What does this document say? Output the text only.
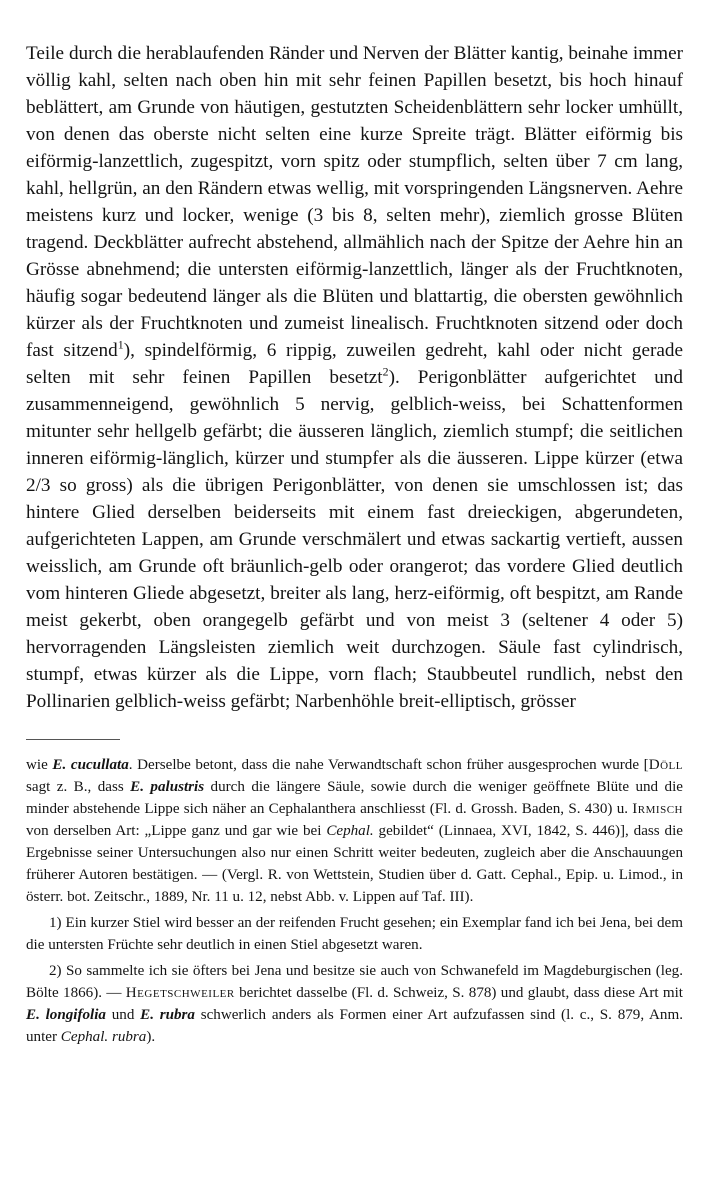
Teile durch die herablaufenden Ränder und Nerven der Blätter kantig, beinahe immer völlig kahl, selten nach oben hin mit sehr feinen Papillen besetzt, bis hoch hinauf beblättert, am Grunde von häutigen, gestutzten Scheidenblättern sehr locker umhüllt, von denen das oberste nicht selten eine kurze Spreite trägt. Blätter eiförmig bis eiförmig-lanzettlich, zugespitzt, vorn spitz oder stumpflich, selten über 7 cm lang, kahl, hellgrün, an den Rändern etwas wellig, mit vorspringenden Längsnerven. Aehre meistens kurz und locker, wenige (3 bis 8, selten mehr), ziemlich grosse Blüten tragend. Deckblätter aufrecht abstehend, allmählich nach der Spitze der Aehre hin an Grösse abnehmend; die untersten eiförmig-lanzettlich, länger als der Fruchtknoten, häufig sogar bedeutend länger als die Blüten und blattartig, die obersten gewöhnlich kürzer als der Fruchtknoten und zumeist linealisch. Fruchtknoten sitzend oder doch fast sitzend$^1$), spindelförmig, 6 rippig, zuweilen gedreht, kahl oder nicht gerade selten mit sehr feinen Papillen besetzt$^2$). Perigonblätter aufgerichtet und zusammenneigend, gewöhnlich 5 nervig, gelblich-weiss, bei Schattenformen mitunter sehr hellgelb gefärbt; die äusseren länglich, ziemlich stumpf; die seitlichen inneren eiförmig-länglich, kürzer und stumpfer als die äusseren. Lippe kürzer (etwa 2/3 so gross) als die übrigen Perigonblätter, von denen sie umschlossen ist; das hintere Glied derselben beiderseits mit einem fast dreieckigen, abgerundeten, aufgerichteten Lappen, am Grunde verschmälert und etwas sackartig vertieft, aussen weisslich, am Grunde oft bräunlich-gelb oder orangerot; das vordere Glied deutlich vom hinteren Gliede abgesetzt, breiter als lang, herz-eiförmig, oft bespitzt, am Rande meist gekerbt, oben orangegelb gefärbt und von meist 3 (seltener 4 oder 5) hervorragenden Längsleisten ziemlich weit durchzogen. Säule fast cylindrisch, stumpf, etwas kürzer als die Lippe, vorn flach; Staubbeutel rundlich, nebst den Pollinarien gelblich-weiss gefärbt; Narbenhöhle breit-elliptisch, grösser

wie E. cucullata. Derselbe betont, dass die nahe Verwandtschaft schon früher ausgesprochen wurde [Döll sagt z. B., dass E. palustris durch die längere Säule, sowie durch die weniger geöffnete Blüte und die minder abstehende Lippe sich näher an Cephalanthera anschliesst (Fl. d. Grossh. Baden, S. 430) u. Irmisch von derselben Art: „Lippe ganz und gar wie bei Cephal. gebildet“ (Linnaea, XVI, 1842, S. 446)], dass die Ergebnisse seiner Untersuchungen also nur einen Schritt weiter bedeuten, zugleich aber die Anschauungen früherer Autoren bestätigen. — (Vergl. R. von Wettstein, Studien über d. Gatt. Cephal., Epip. u. Limod., in österr. bot. Zeitschr., 1889, Nr. 11 u. 12, nebst Abb. v. Lippen auf Taf. III).

1) Ein kurzer Stiel wird besser an der reifenden Frucht gesehen; ein Exemplar fand ich bei Jena, bei dem die untersten Früchte sehr deutlich in einen Stiel abgesetzt waren.

2) So sammelte ich sie öfters bei Jena und besitze sie auch von Schwanefeld im Magdeburgischen (leg. Bölte 1866). — Hegetschweiler berichtet dasselbe (Fl. d. Schweiz, S. 878) und glaubt, dass diese Art mit E. longifolia und E. rubra schwerlich anders als Formen einer Art aufzufassen sind (l. c., S. 879, Anm. unter Cephal. rubra).
